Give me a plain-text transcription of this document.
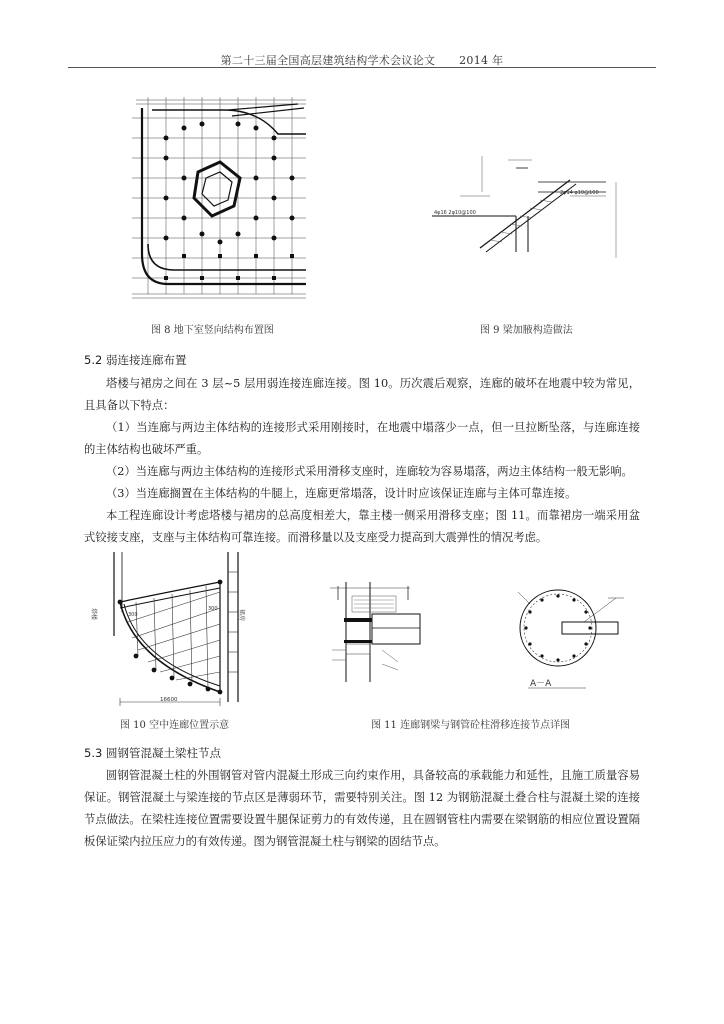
第二十三届全国高层建筑结构学术会议论文 2014 年
图 8 地下室竖向结构布置图
4φ16 2φ10@100
2φ14 φ10@100
图 9 梁加腋构造做法
5.2 弱连接连廊布置
塔楼与裙房之间在 3 层~5 层用弱连接连廊连接。图 10。历次震后观察，连廊的破坏在地震中较为常见，且具备以下特点：
（1）当连廊与两边主体结构的连接形式采用刚接时，在地震中塌落少一点，但一旦拉断坠落，与连廊连接的主体结构也破坏严重。
（2）当连廊与两边主体结构的连接形式采用滑移支座时，连廊较为容易塌落，两边主体结构一般无影响。
（3）当连廊搁置在主体结构的牛腿上，连廊更常塌落，设计时应该保证连廊与主体可靠连接。
本工程连廊设计考虑塔楼与裙房的总高度相差大，靠主楼一侧采用滑移支座；图 11。而靠裙房一端采用盆式铰接支座，支座与主体结构可靠连接。而滑移量以及支座受力提高到大震弹性的情况考虑。
塔楼	裙房
300
300
16600
图 10 空中连廊位置示意
A－A
图 11 连廊钢梁与钢管砼柱滑移连接节点详图
5.3 圆钢管混凝土梁柱节点
圆钢管混凝土柱的外围钢管对管内混凝土形成三向约束作用，具备较高的承载能力和延性，且施工质量容易保证。钢管混凝土与梁连接的节点区是薄弱环节，需要特别关注。图 12 为钢筋混凝土叠合柱与混凝土梁的连接节点做法。在梁柱连接位置需要设置牛腿保证剪力的有效传递，且在圆钢管柱内需要在梁钢筋的相应位置设置隔板保证梁内拉压应力的有效传递。图为钢管混凝土柱与钢梁的固结节点。
